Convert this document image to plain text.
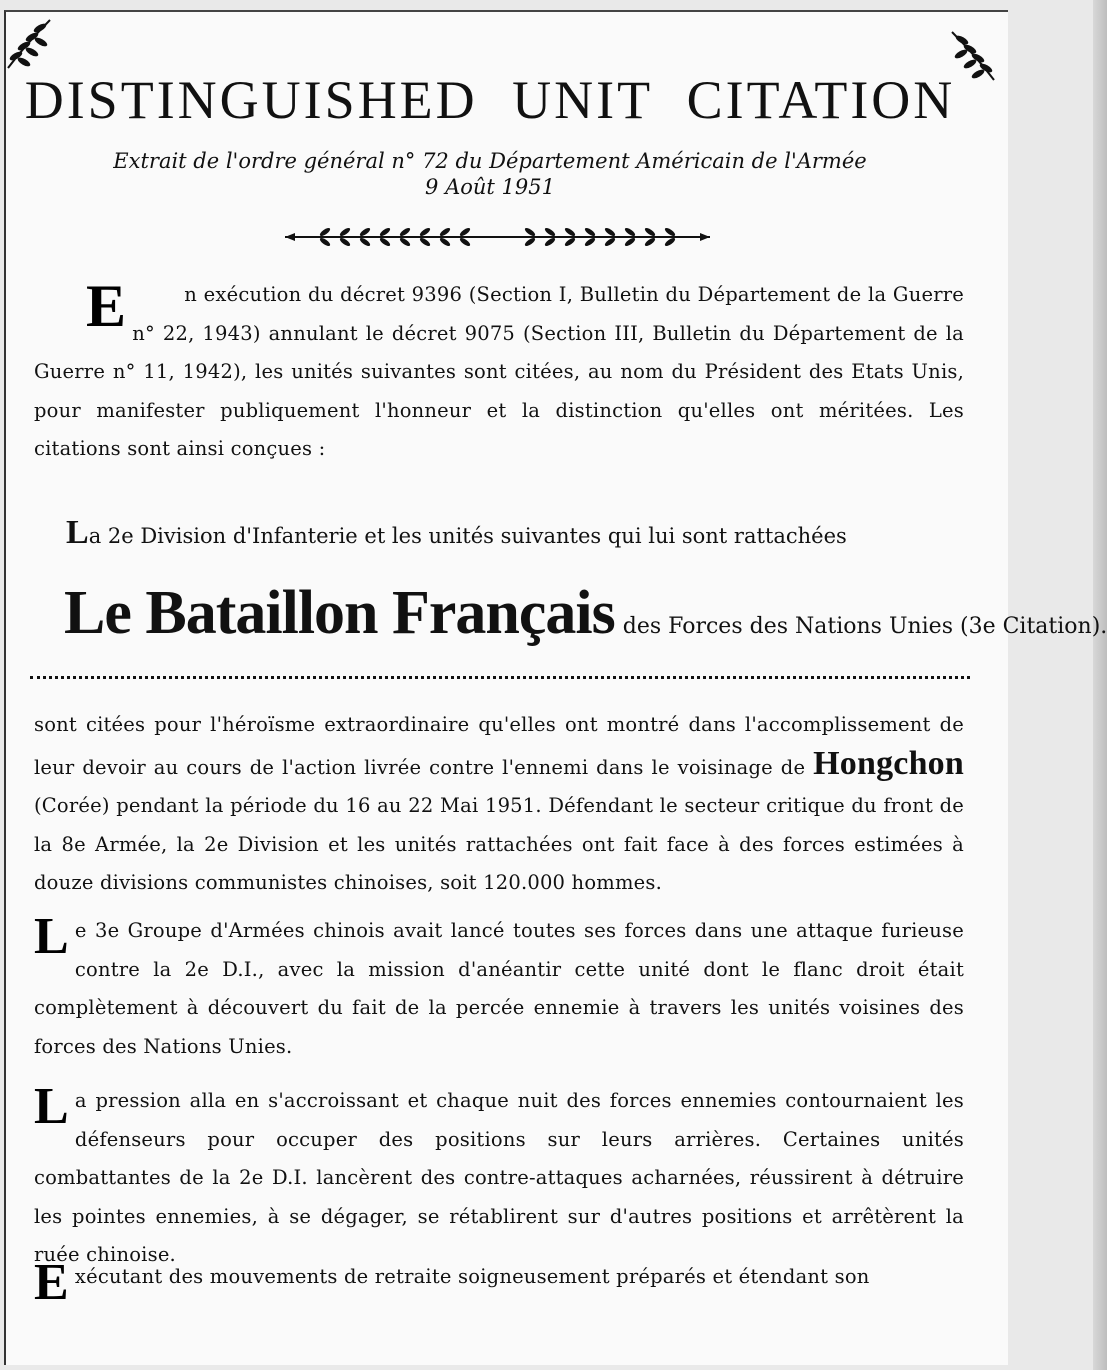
DISTINGUISHED UNIT CITATION
Extrait de l'ordre général n° 72 du Département Américain de l'Armée
9 Août 1951
E	n exécution du décret 9396 (Section I, Bulletin du Département de la Guerre n° 22, 1943) annulant le décret 9075 (Section III, Bulletin du Département de la Guerre n° 11, 1942), les unités suivantes sont citées, au nom du Président des Etats Unis, pour manifester publiquement l'honneur et la distinction qu'elles ont méritées. Les citations sont ainsi conçues :
La 2e Division d'Infanterie et les unités suivantes qui lui sont rattachées
Le Bataillon Français des Forces des Nations Unies (3e Citation).
sont citées pour l'héroïsme extraordinaire qu'elles ont montré dans l'accomplissement de leur devoir au cours de l'action livrée contre l'ennemi dans le voisinage de Hongchon (Corée) pendant la période du 16 au 22 Mai 1951. Défendant le secteur critique du front de la 8e Armée, la 2e Division et les unités rattachées ont fait face à des forces estimées à douze divisions communistes chinoises, soit 120.000 hommes.
Le 3e Groupe d'Armées chinois avait lancé toutes ses forces dans une attaque furieuse contre la 2e D.I., avec la mission d'anéantir cette unité dont le flanc droit était complètement à découvert du fait de la percée ennemie à travers les unités voisines des forces des Nations Unies.
La pression alla en s'accroissant et chaque nuit des forces ennemies contournaient les défenseurs pour occuper des positions sur leurs arrières. Certaines unités combattantes de la 2e D.I. lancèrent des contre-attaques acharnées, réussirent à détruire les pointes ennemies, à se dégager, se rétablirent sur d'autres positions et arrêtèrent la ruée chinoise.
Exécutant des mouvements de retraite soigneusement préparés et étendant son
